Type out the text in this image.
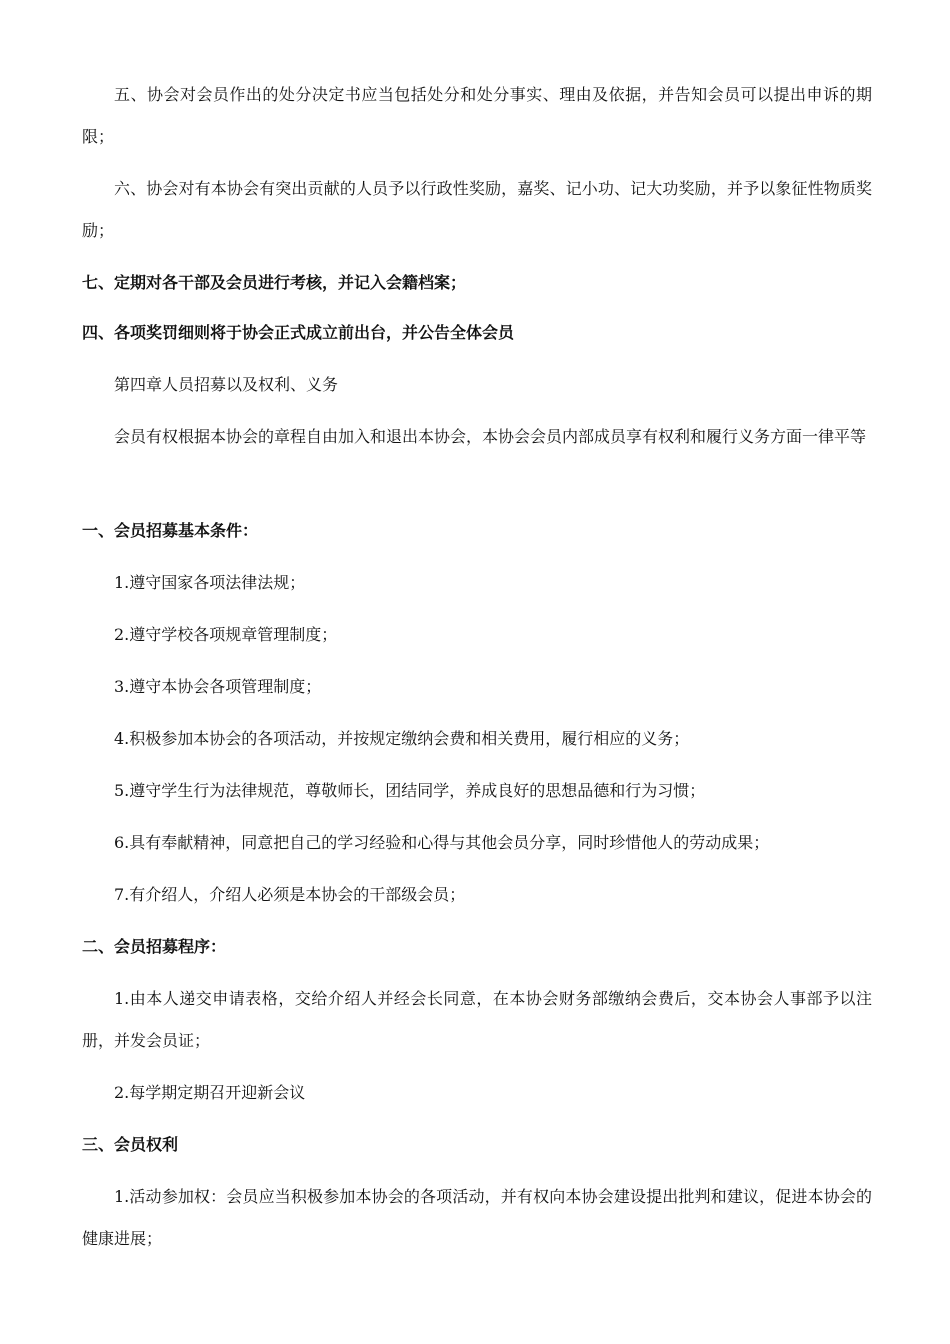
五、协会对会员作出的处分决定书应当包括处分和处分事实、理由及依据，并告知会员可以提出申诉的期限；

六、协会对有本协会有突出贡献的人员予以行政性奖励，嘉奖、记小功、记大功奖励，并予以象征性物质奖励；

七、定期对各干部及会员进行考核，并记入会籍档案；

四、各项奖罚细则将于协会正式成立前出台，并公告全体会员

第四章人员招募以及权利、义务

会员有权根据本协会的章程自由加入和退出本协会，本协会会员内部成员享有权利和履行义务方面一律平等

一、会员招募基本条件：

1.遵守国家各项法律法规；

2.遵守学校各项规章管理制度；

3.遵守本协会各项管理制度；

4.积极参加本协会的各项活动，并按规定缴纳会费和相关费用，履行相应的义务；

5.遵守学生行为法律规范，尊敬师长，团结同学，养成良好的思想品德和行为习惯；

6.具有奉献精神，同意把自己的学习经验和心得与其他会员分享，同时珍惜他人的劳动成果；

7.有介绍人，介绍人必须是本协会的干部级会员；

二、会员招募程序：

1.由本人递交申请表格，交给介绍人并经会长同意，在本协会财务部缴纳会费后，交本协会人事部予以注册，并发会员证；

2.每学期定期召开迎新会议

三、会员权利

1.活动参加权：会员应当积极参加本协会的各项活动，并有权向本协会建设提出批判和建议，促进本协会的健康进展；
